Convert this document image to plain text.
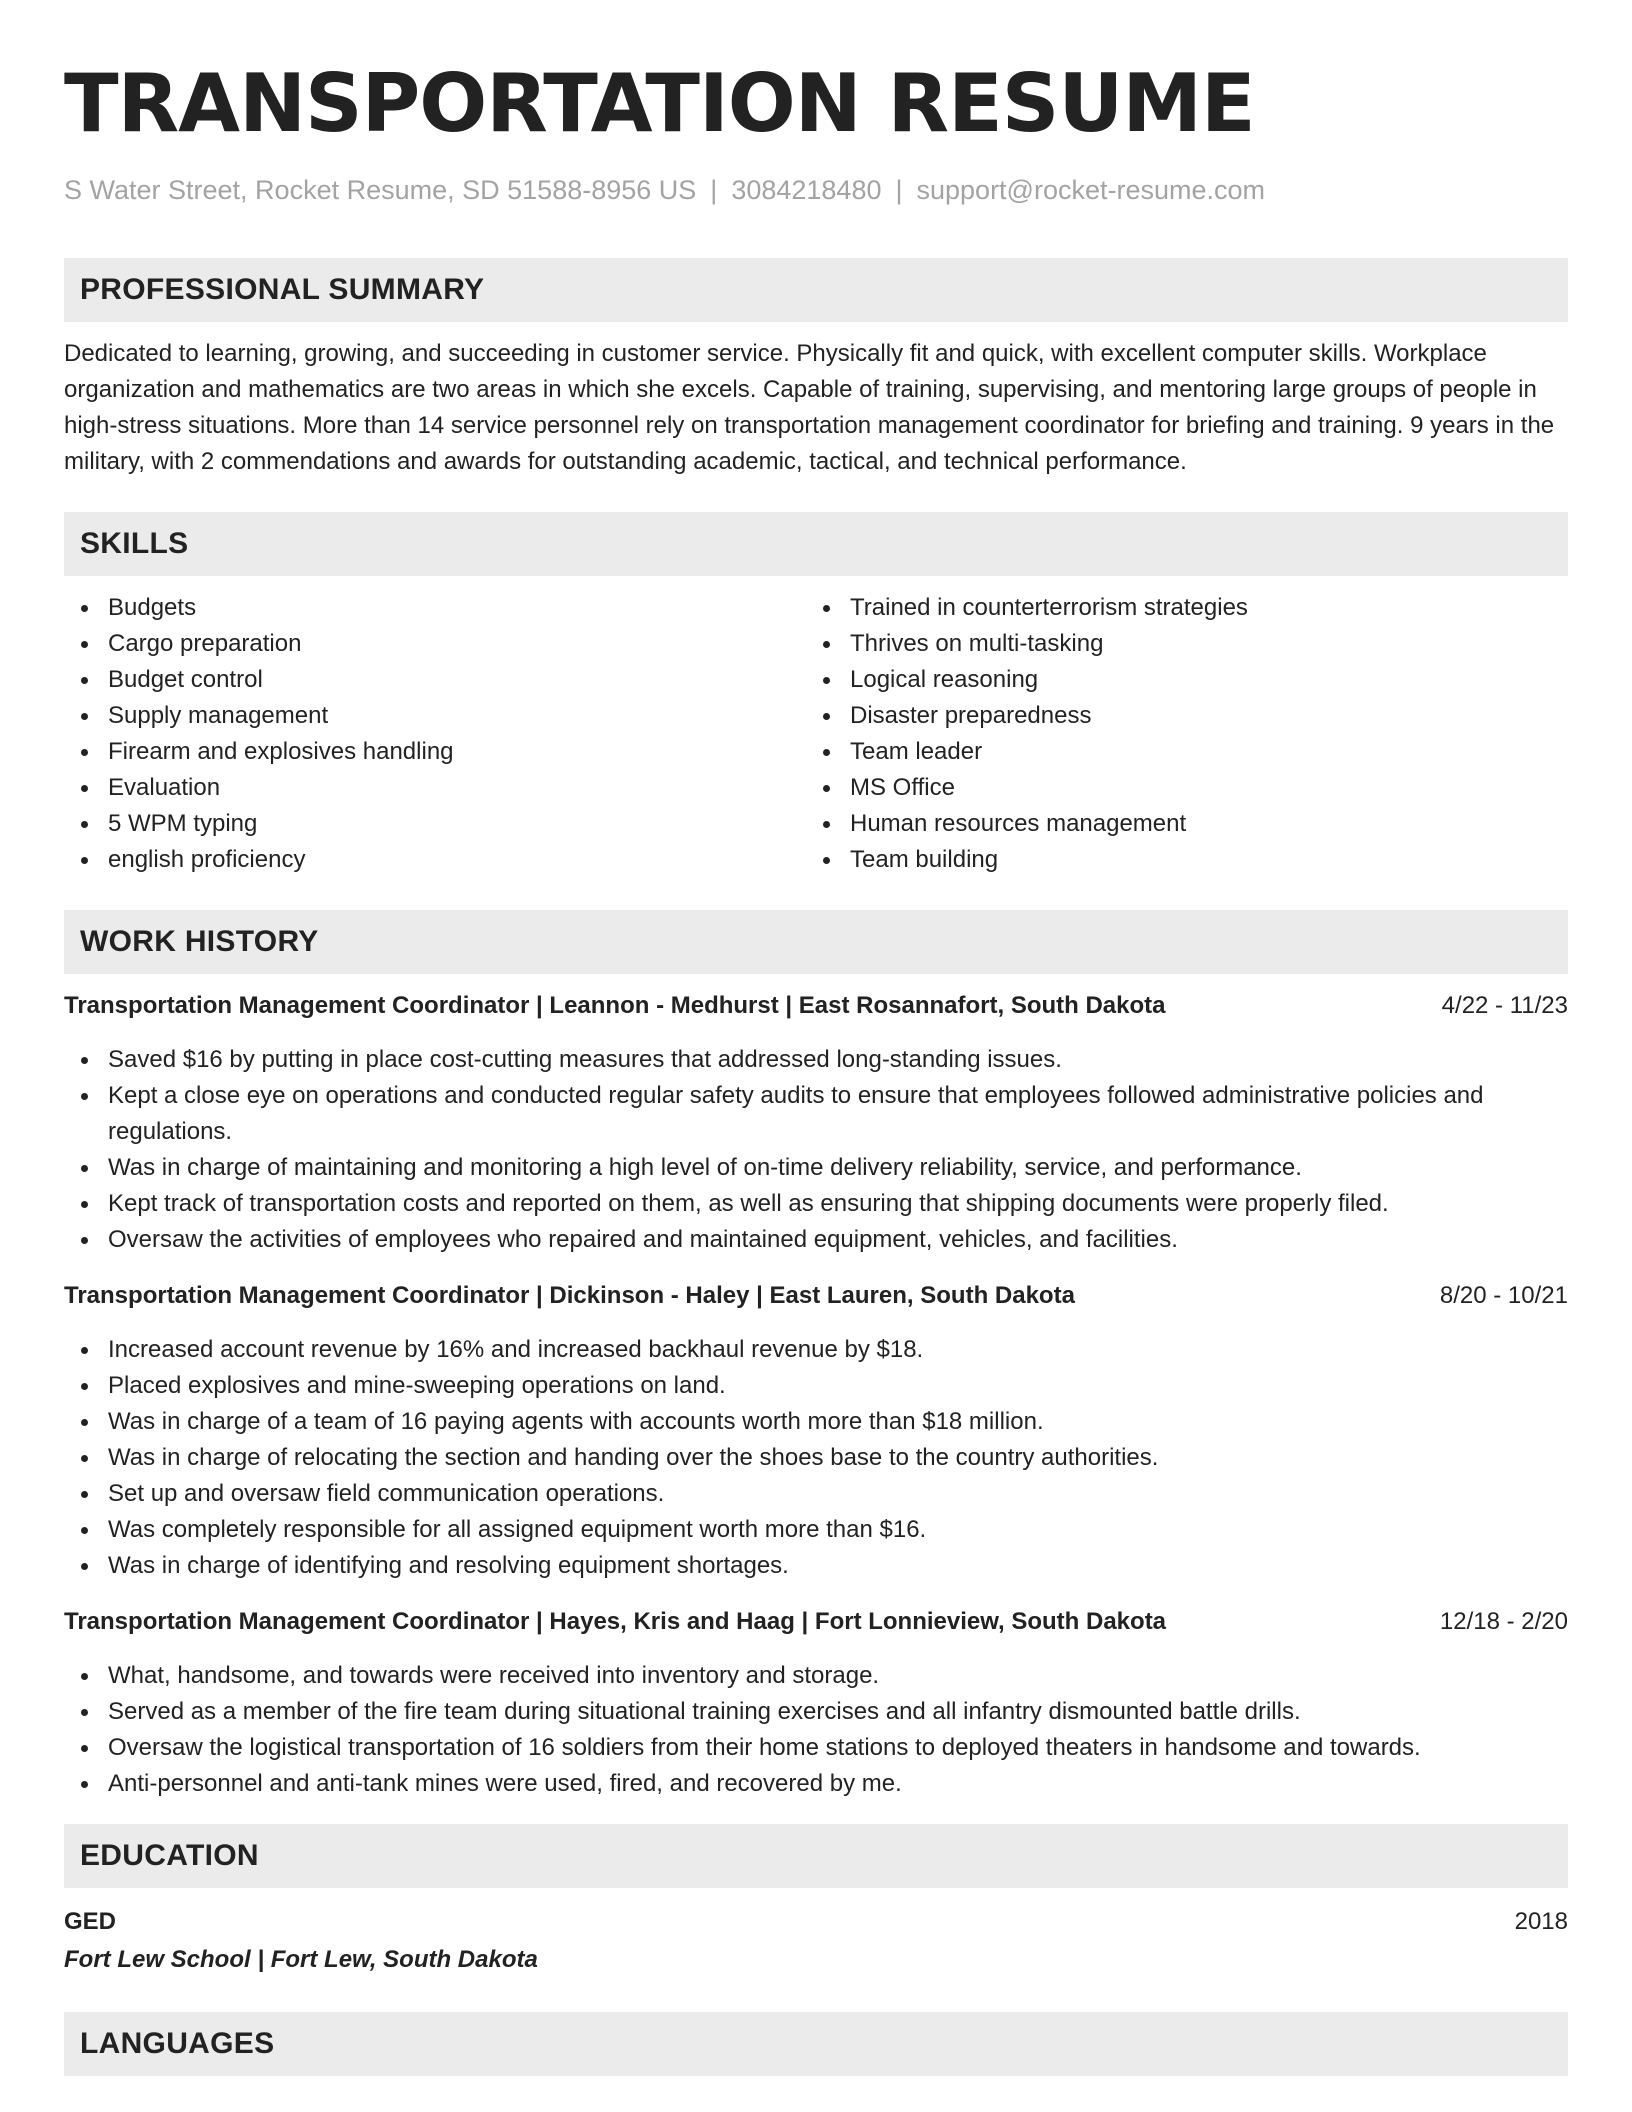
TRANSPORTATION RESUME
S Water Street, Rocket Resume, SD 51588-8956 US | 3084218480 | support@rocket-resume.com
PROFESSIONAL SUMMARY
Dedicated to learning, growing, and succeeding in customer service. Physically fit and quick, with excellent computer skills. Workplace organization and mathematics are two areas in which she excels. Capable of training, supervising, and mentoring large groups of people in high-stress situations. More than 14 service personnel rely on transportation management coordinator for briefing and training. 9 years in the military, with 2 commendations and awards for outstanding academic, tactical, and technical performance.
SKILLS
Budgets
Cargo preparation
Budget control
Supply management
Firearm and explosives handling
Evaluation
5 WPM typing
english proficiency
Trained in counterterrorism strategies
Thrives on multi-tasking
Logical reasoning
Disaster preparedness
Team leader
MS Office
Human resources management
Team building
WORK HISTORY
Transportation Management Coordinator | Leannon - Medhurst | East Rosannafort, South Dakota	4/22 - 11/23
Saved $16 by putting in place cost-cutting measures that addressed long-standing issues.
Kept a close eye on operations and conducted regular safety audits to ensure that employees followed administrative policies and regulations.
Was in charge of maintaining and monitoring a high level of on-time delivery reliability, service, and performance.
Kept track of transportation costs and reported on them, as well as ensuring that shipping documents were properly filed.
Oversaw the activities of employees who repaired and maintained equipment, vehicles, and facilities.
Transportation Management Coordinator | Dickinson - Haley | East Lauren, South Dakota	8/20 - 10/21
Increased account revenue by 16% and increased backhaul revenue by $18.
Placed explosives and mine-sweeping operations on land.
Was in charge of a team of 16 paying agents with accounts worth more than $18 million.
Was in charge of relocating the section and handing over the shoes base to the country authorities.
Set up and oversaw field communication operations.
Was completely responsible for all assigned equipment worth more than $16.
Was in charge of identifying and resolving equipment shortages.
Transportation Management Coordinator | Hayes, Kris and Haag | Fort Lonnieview, South Dakota	12/18 - 2/20
What, handsome, and towards were received into inventory and storage.
Served as a member of the fire team during situational training exercises and all infantry dismounted battle drills.
Oversaw the logistical transportation of 16 soldiers from their home stations to deployed theaters in handsome and towards.
Anti-personnel and anti-tank mines were used, fired, and recovered by me.
EDUCATION
GED	2018
Fort Lew School | Fort Lew, South Dakota
LANGUAGES
